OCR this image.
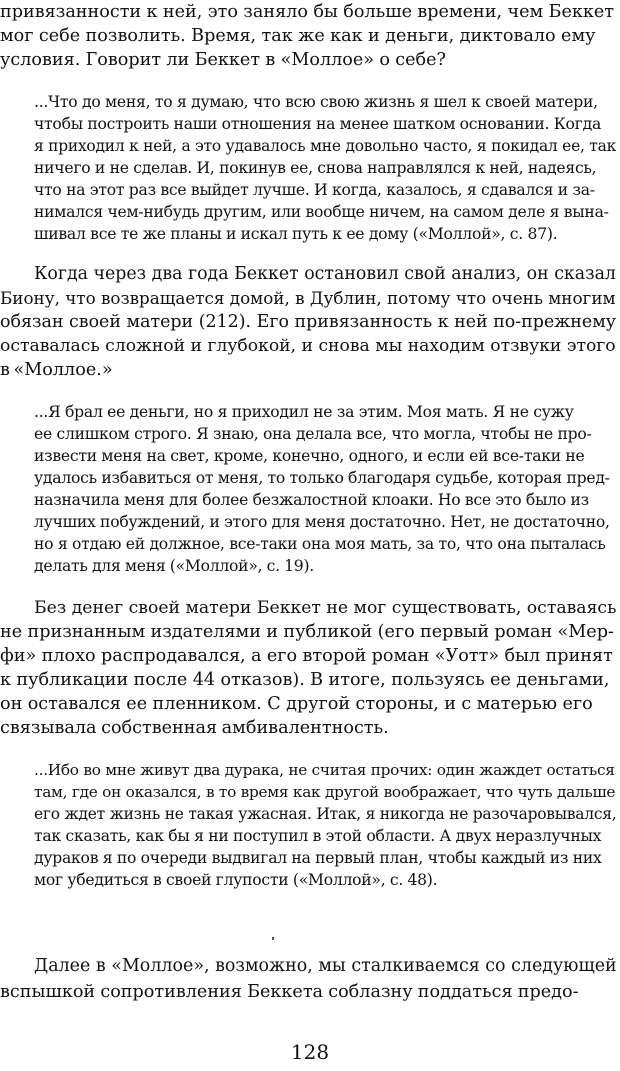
привязанности к ней, это заняло бы больше времени, чем Беккет
мог себе позволить. Время, так же как и деньги, диктовало ему
условия. Говорит ли Беккет в «Моллое» о себе?
...Что до меня, то я думаю, что всю свою жизнь я шел к своей матери,
чтобы построить наши отношения на менее шатком основании. Когда
я приходил к ней, а это удавалось мне довольно часто, я покидал ее, так
ничего и не сделав. И, покинув ее, снова направлялся к ней, надеясь,
что на этот раз все выйдет лучше. И когда, казалось, я сдавался и за-
нимался чем-нибудь другим, или вообще ничем, на самом деле я вына-
шивал все те же планы и искал путь к ее дому («Моллой», с. 87).
Когда через два года Беккет остановил свой анализ, он сказал
Биону, что возвращается домой, в Дублин, потому что очень многим
обязан своей матери (212). Его привязанность к ней по-прежнему
оставалась сложной и глубокой, и снова мы находим отзвуки этого
в «Моллое.»
...Я брал ее деньги, но я приходил не за этим. Моя мать. Я не сужу
ее слишком строго. Я знаю, она делала все, что могла, чтобы не про-
извести меня на свет, кроме, конечно, одного, и если ей все-таки не
удалось избавиться от меня, то только благодаря судьбе, которая пред-
назначила меня для более безжалостной клоаки. Но все это было из
лучших побуждений, и этого для меня достаточно. Нет, не достаточно,
но я отдаю ей должное, все-таки она моя мать, за то, что она пыталась
делать для меня («Моллой», с. 19).
Без денег своей матери Беккет не мог существовать, оставаясь
не признанным издателями и публикой (его первый роман «Мер-
фи» плохо распродавался, а его второй роман «Уотт» был принят
к публикации после 44 отказов). В итоге, пользуясь ее деньгами,
он оставался ее пленником. С другой стороны, и с матерью его
связывала собственная амбивалентность.
...Ибо во мне живут два дурака, не считая прочих: один жаждет остаться
там, где он оказался, в то время как другой воображает, что чуть дальше
его ждет жизнь не такая ужасная. Итак, я никогда не разочаровывался,
так сказать, как бы я ни поступил в этой области. А двух неразлучных
дураков я по очереди выдвигал на первый план, чтобы каждый из них
мог убедиться в своей глупости («Моллой», с. 48).
Далее в «Моллое», возможно, мы сталкиваемся со следующей
вспышкой сопротивления Беккета соблазну поддаться предо-
128
